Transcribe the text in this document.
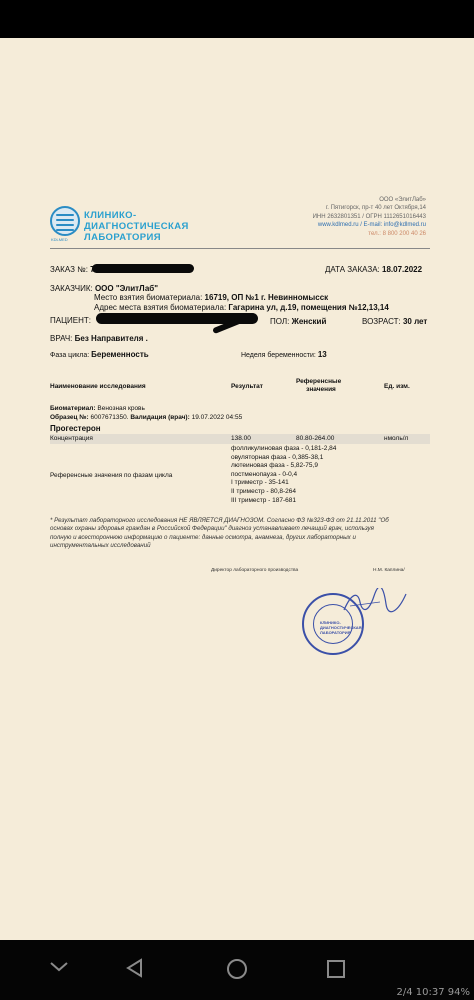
KDLMED
КЛИНИКО-
ДИАГНОСТИЧЕСКАЯ
ЛАБОРАТОРИЯ
ООО «ЭлитЛаб»
г. Пятигорск, пр-т 40 лет Октября,14
ИНН 2632801351 / ОГРН 1112651016443
www.kdlmed.ru / E-mail: info@kdlmed.ru
тел.: 8 800 200 40 26
ЗАКАЗ №:	ДАТА ЗАКАЗА: 18.07.2022
ЗАКАЗЧИК: ООО "ЭлитЛаб"
Место взятия биоматериала: 16719, ОП №1 г. Невинномысск
Адрес места взятия биоматериала: Гагарина ул, д.19, помещения №12,13,14
ПАЦИЕНТ:	ПОЛ: Женский	ВОЗРАСТ: 30 лет
ВРАЧ: Без Направителя .
Фаза цикла: Беременность	Неделя беременности: 13
Наименование исследования	Результат
Референсные
значения	Ед. изм.
Биоматериал: Венозная кровь
Образец №: 6007671350. Валидация (врач): 19.07.2022 04:55
Прогестерон
Концентрация	138.00	80.80-264.00	нмоль/л
Референсные значения по фазам цикла
фолликулиновая фаза - 0,181-2,84
овуляторная фаза - 0,385-38,1
лютеиновая фаза - 5,82-75,9
постменопауза - 0-0,4
I триместр - 35-141
II триместр - 80,8-264
III триместр - 187-681
* Результат лабораторного исследования НЕ ЯВЛЯЕТСЯ ДИАГНОЗОМ. Согласно ФЗ №323-ФЗ от 21.11.2011 "Об
основах охраны здоровья граждан в Российской Федерации" диагноз устанавливает лечащий врач, используя
полную и всестороннюю информацию о пациенте: данные осмотра, анамнеза, других лабораторных и
инструментальных исследований
Директор лабораторного производства	Н.М. Каплина/
КЛИНИКО-
ДИАГНОСТИЧЕСКАЯ
ЛАБОРАТОРИЯ
2/4 10:37 94%
